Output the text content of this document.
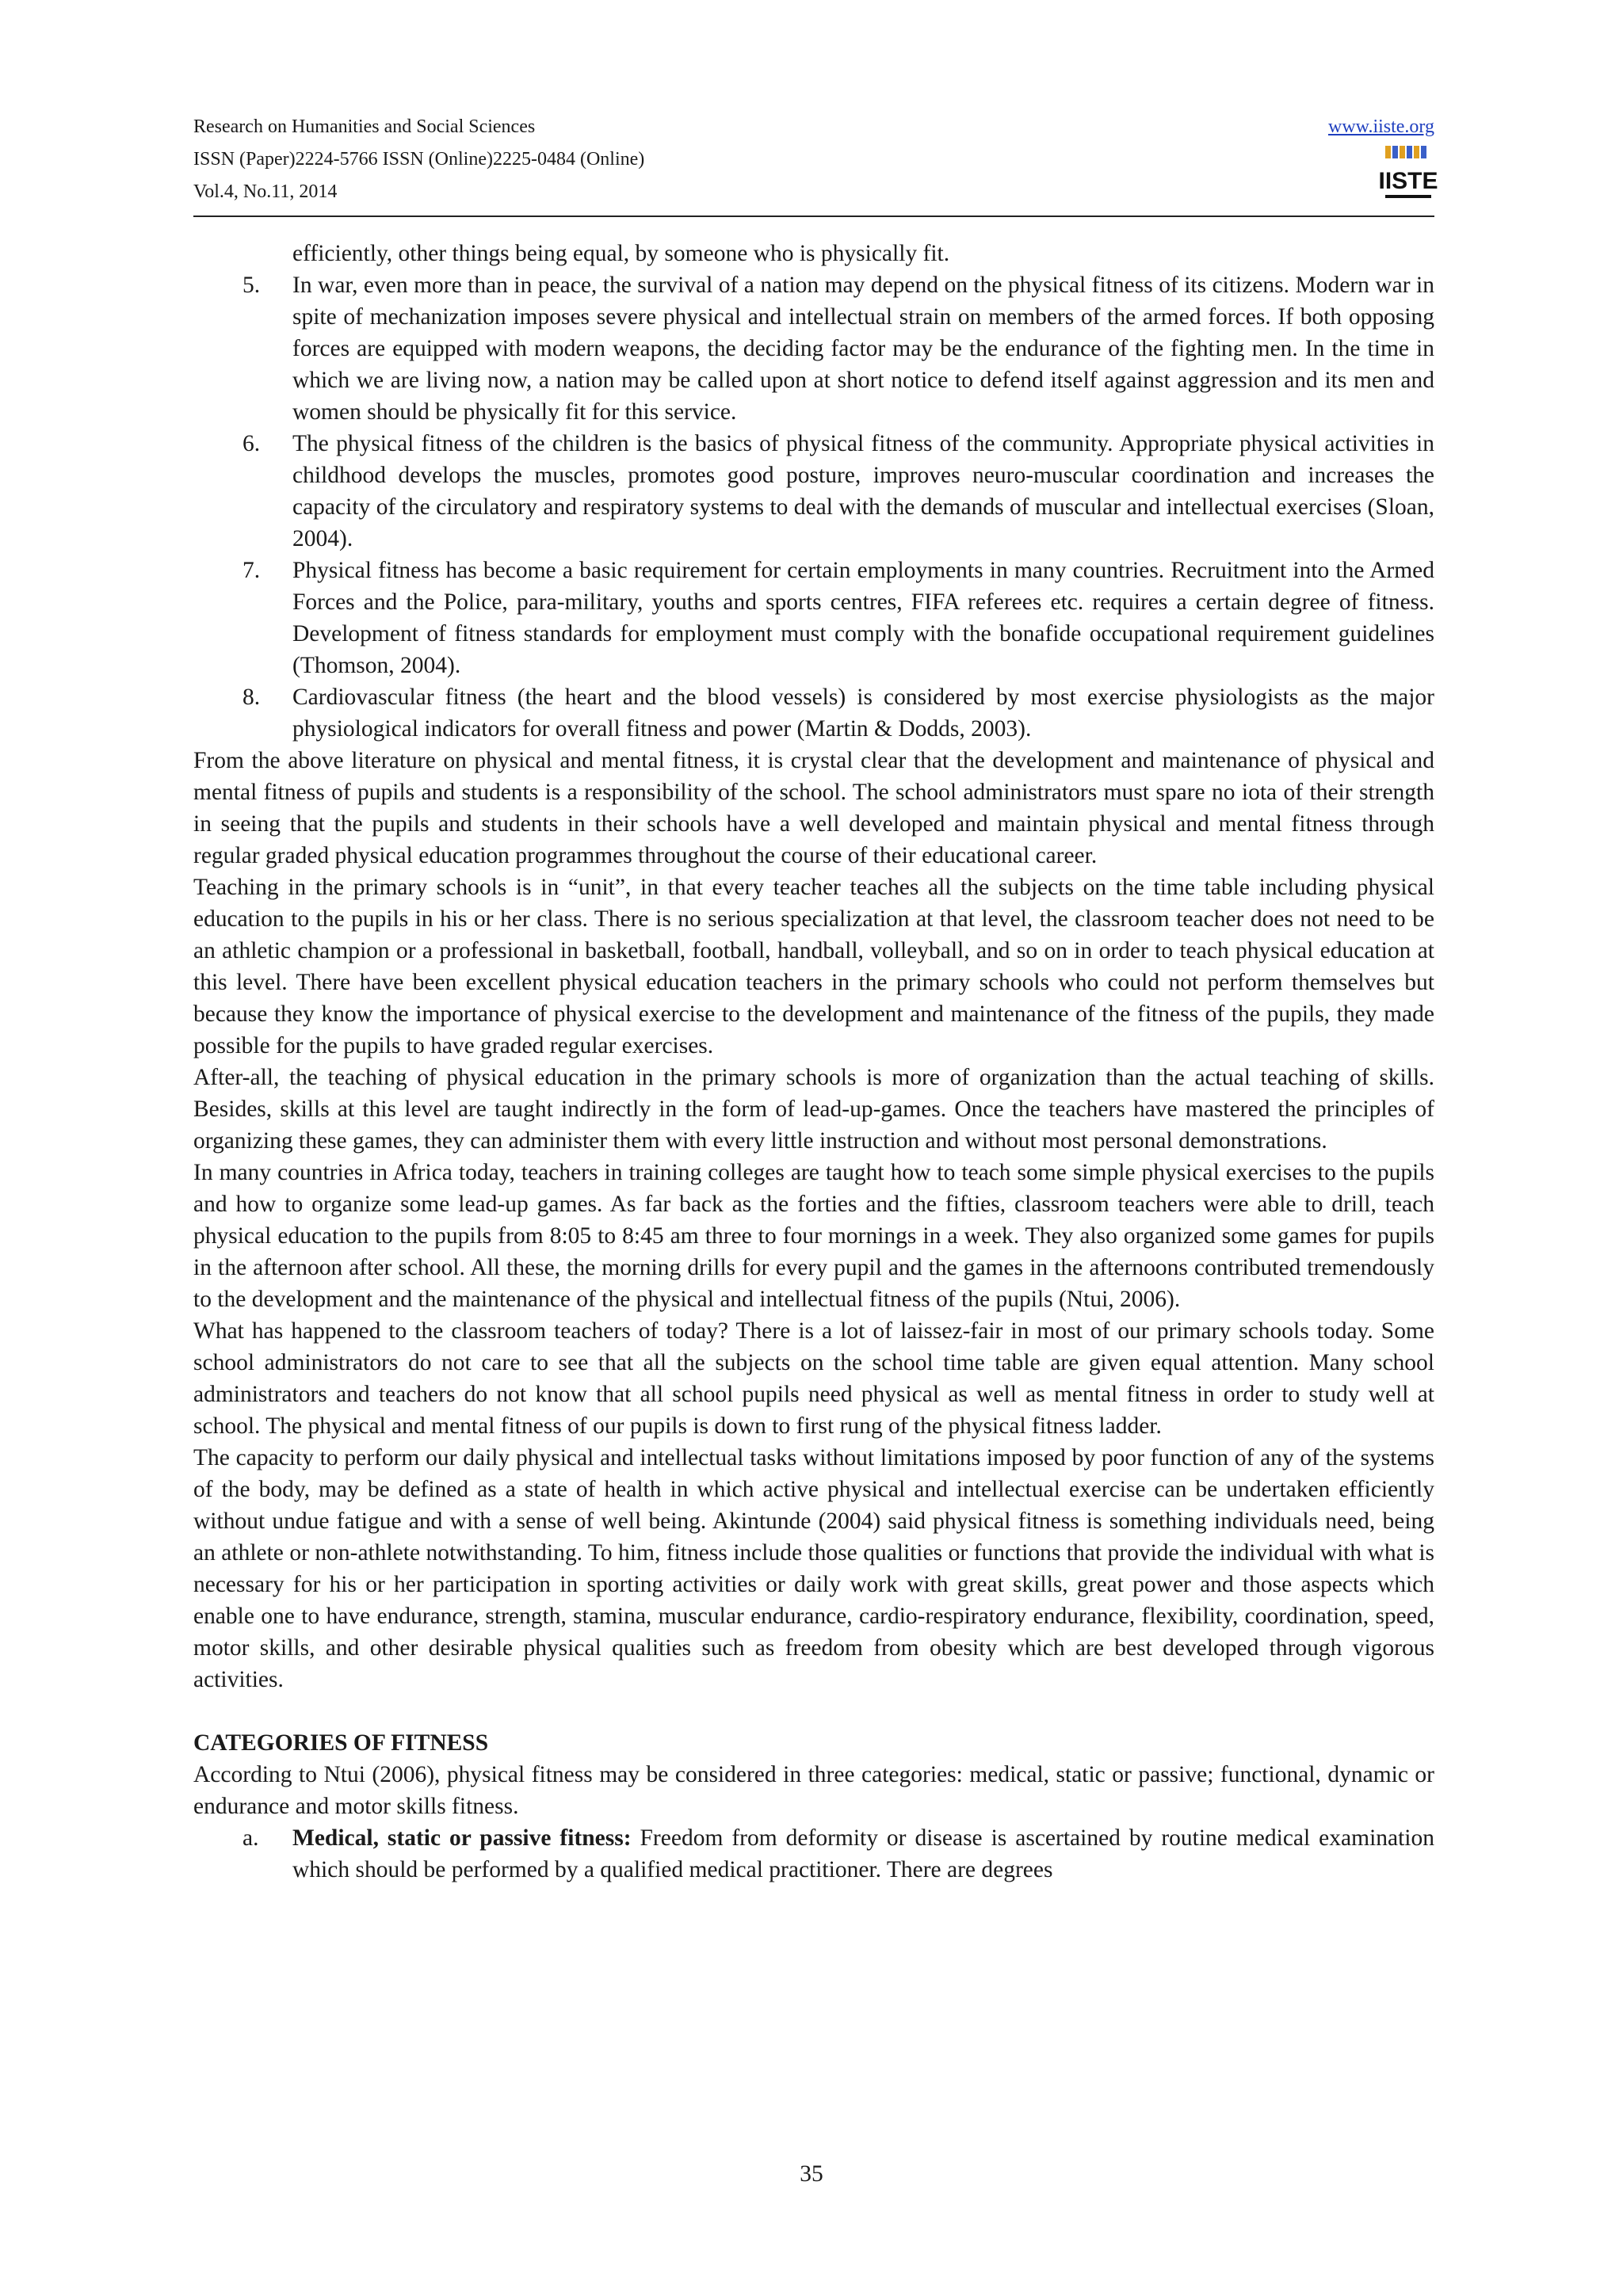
Research on Humanities and Social Sciences
ISSN (Paper)2224-5766 ISSN (Online)2225-0484 (Online)
Vol.4, No.11, 2014
www.iiste.org
IISTE

efficiently, other things being equal, by someone who is physically fit.

5. In war, even more than in peace, the survival of a nation may depend on the physical fitness of its citizens. Modern war in spite of mechanization imposes severe physical and intellectual strain on members of the armed forces. If both opposing forces are equipped with modern weapons, the deciding factor may be the endurance of the fighting men. In the time in which we are living now, a nation may be called upon at short notice to defend itself against aggression and its men and women should be physically fit for this service.
6. The physical fitness of the children is the basics of physical fitness of the community. Appropriate physical activities in childhood develops the muscles, promotes good posture, improves neuro-muscular coordination and increases the capacity of the circulatory and respiratory systems to deal with the demands of muscular and intellectual exercises (Sloan, 2004).
7. Physical fitness has become a basic requirement for certain employments in many countries. Recruitment into the Armed Forces and the Police, para-military, youths and sports centres, FIFA referees etc. requires a certain degree of fitness. Development of fitness standards for employment must comply with the bonafide occupational requirement guidelines (Thomson, 2004).
8. Cardiovascular fitness (the heart and the blood vessels) is considered by most exercise physiologists as the major physiological indicators for overall fitness and power (Martin & Dodds, 2003).

From the above literature on physical and mental fitness, it is crystal clear that the development and maintenance of physical and mental fitness of pupils and students is a responsibility of the school. The school administrators must spare no iota of their strength in seeing that the pupils and students in their schools have a well developed and maintain physical and mental fitness through regular graded physical education programmes throughout the course of their educational career.

Teaching in the primary schools is in “unit”, in that every teacher teaches all the subjects on the time table including physical education to the pupils in his or her class. There is no serious specialization at that level, the classroom teacher does not need to be an athletic champion or a professional in basketball, football, handball, volleyball, and so on in order to teach physical education at this level. There have been excellent physical education teachers in the primary schools who could not perform themselves but because they know the importance of physical exercise to the development and maintenance of the fitness of the pupils, they made possible for the pupils to have graded regular exercises.

After-all, the teaching of physical education in the primary schools is more of organization than the actual teaching of skills. Besides, skills at this level are taught indirectly in the form of lead-up-games. Once the teachers have mastered the principles of organizing these games, they can administer them with every little instruction and without most personal demonstrations.

In many countries in Africa today, teachers in training colleges are taught how to teach some simple physical exercises to the pupils and how to organize some lead-up games. As far back as the forties and the fifties, classroom teachers were able to drill, teach physical education to the pupils from 8:05 to 8:45 am three to four mornings in a week. They also organized some games for pupils in the afternoon after school. All these, the morning drills for every pupil and the games in the afternoons contributed tremendously to the development and the maintenance of the physical and intellectual fitness of the pupils (Ntui, 2006).

What has happened to the classroom teachers of today? There is a lot of laissez-fair in most of our primary schools today. Some school administrators do not care to see that all the subjects on the school time table are given equal attention. Many school administrators and teachers do not know that all school pupils need physical as well as mental fitness in order to study well at school. The physical and mental fitness of our pupils is down to first rung of the physical fitness ladder.

The capacity to perform our daily physical and intellectual tasks without limitations imposed by poor function of any of the systems of the body, may be defined as a state of health in which active physical and intellectual exercise can be undertaken efficiently without undue fatigue and with a sense of well being. Akintunde (2004) said physical fitness is something individuals need, being an athlete or non-athlete notwithstanding. To him, fitness include those qualities or functions that provide the individual with what is necessary for his or her participation in sporting activities or daily work with great skills, great power and those aspects which enable one to have endurance, strength, stamina, muscular endurance, cardio-respiratory endurance, flexibility, coordination, speed, motor skills, and other desirable physical qualities such as freedom from obesity which are best developed through vigorous activities.

CATEGORIES OF FITNESS

According to Ntui (2006), physical fitness may be considered in three categories: medical, static or passive; functional, dynamic or endurance and motor skills fitness.

a. Medical, static or passive fitness: Freedom from deformity or disease is ascertained by routine medical examination which should be performed by a qualified medical practitioner. There are degrees
35
